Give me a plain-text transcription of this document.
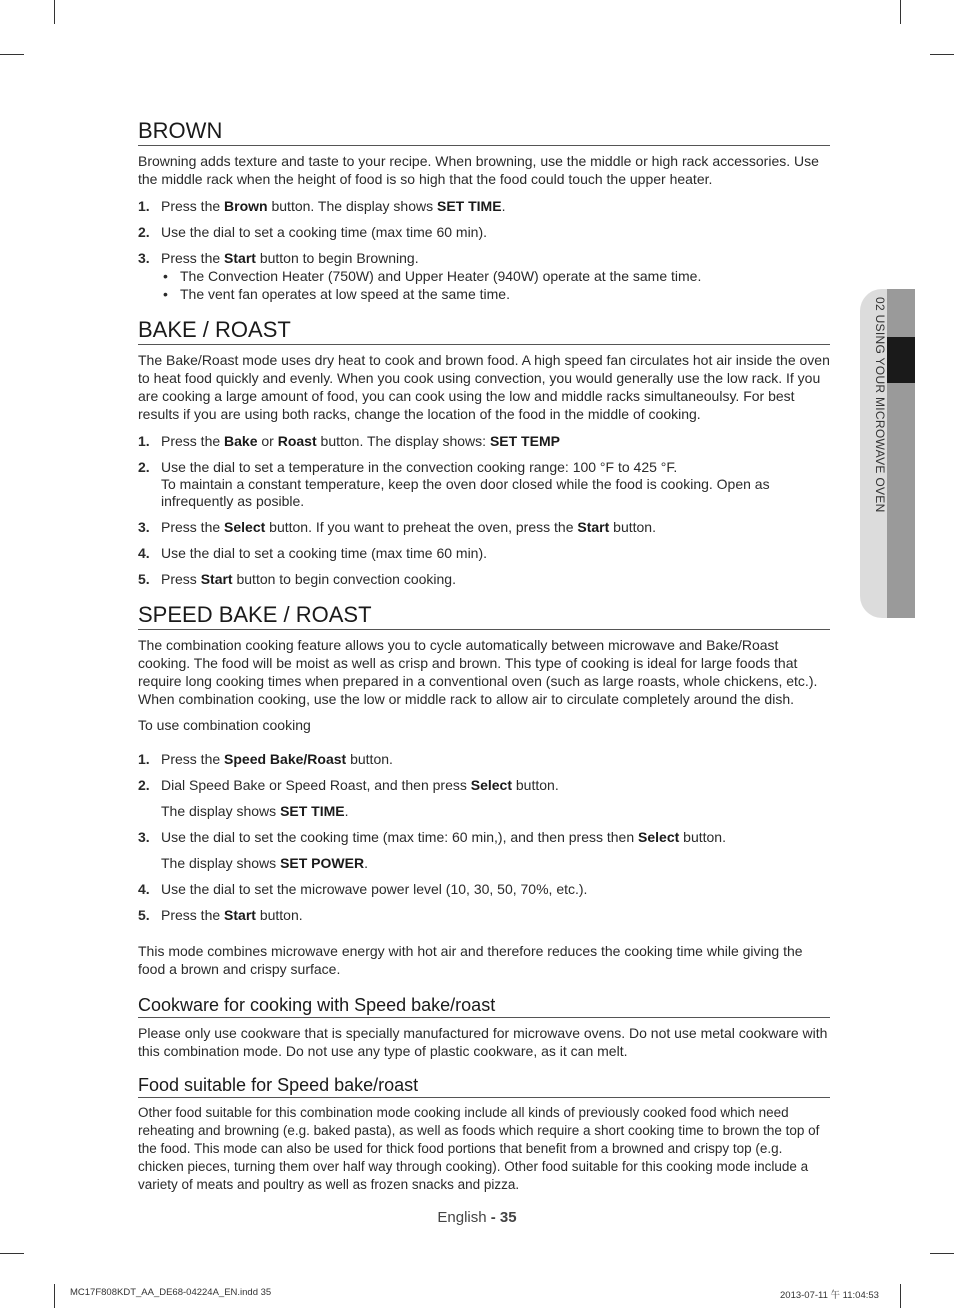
02 USING YOUR MICROWAVE OVEN
BROWN

Browning adds texture and taste to your recipe. When browning, use the middle or high rack accessories. Use the middle rack when the height of food is so high that the food could touch the upper heater.

1. Press the Brown button. The display shows SET TIME.
2. Use the dial to set a cooking time (max time 60 min).
3. Press the Start button to begin Browning.
• The Convection Heater (750W) and Upper Heater (940W) operate at the same time.
• The vent fan operates at low speed at the same time.
BAKE / ROAST

The Bake/Roast mode uses dry heat to cook and brown food. A high speed fan circulates hot air inside the oven to heat food quickly and evenly. When you cook using convection, you would generally use the low rack. If you are cooking a large amount of food, you can cook using the low and middle racks simultaneoulsy. For best results if you are using both racks, change the location of the food in the middle of cooking.

1. Press the Bake or Roast button. The display shows: SET TEMP
2. Use the dial to set a temperature in the convection cooking range: 100 °F to 425 °F.
To maintain a constant temperature, keep the oven door closed while the food is cooking. Open as infrequently as posible.
3. Press the Select button. If you want to preheat the oven, press the Start button.
4. Use the dial to set a cooking time (max time 60 min).
5. Press Start button to begin convection cooking.
SPEED BAKE / ROAST

The combination cooking feature allows you to cycle automatically between microwave and Bake/Roast cooking. The food will be moist as well as crisp and brown. This type of cooking is ideal for large foods that require long cooking times when prepared in a conventional oven (such as large roasts, whole chickens, etc.). When combination cooking, use the low or middle rack to allow air to circulate completely around the dish.

To use combination cooking

1. Press the Speed Bake/Roast button.
2. Dial Speed Bake or Speed Roast, and then press Select button.
The display shows SET TIME.
3. Use the dial to set the cooking time (max time: 60 min,), and then press then Select button.
The display shows SET POWER.
4. Use the dial to set the microwave power level (10, 30, 50, 70%, etc.).
5. Press the Start button.

This mode combines microwave energy with hot air and therefore reduces the cooking time while giving the food a brown and crispy surface.

Cookware for cooking with Speed bake/roast

Please only use cookware that is specially manufactured for microwave ovens. Do not use metal cookware with this combination mode. Do not use any type of plastic cookware, as it can melt.

Food suitable for Speed bake/roast

Other food suitable for this combination mode cooking include all kinds of previously cooked food which need reheating and browning (e.g. baked pasta), as well as foods which require a short cooking time to brown the top of the food. This mode can also be used for thick food portions that benefit from a browned and crispy top (e.g. chicken pieces, turning them over half way through cooking). Other food suitable for this cooking mode include a variety of meats and poultry as well as frozen snacks and pizza.

English - 35
MC17F808KDT_AA_DE68-04224A_EN.indd 35	2013-07-11 午 11:04:53
